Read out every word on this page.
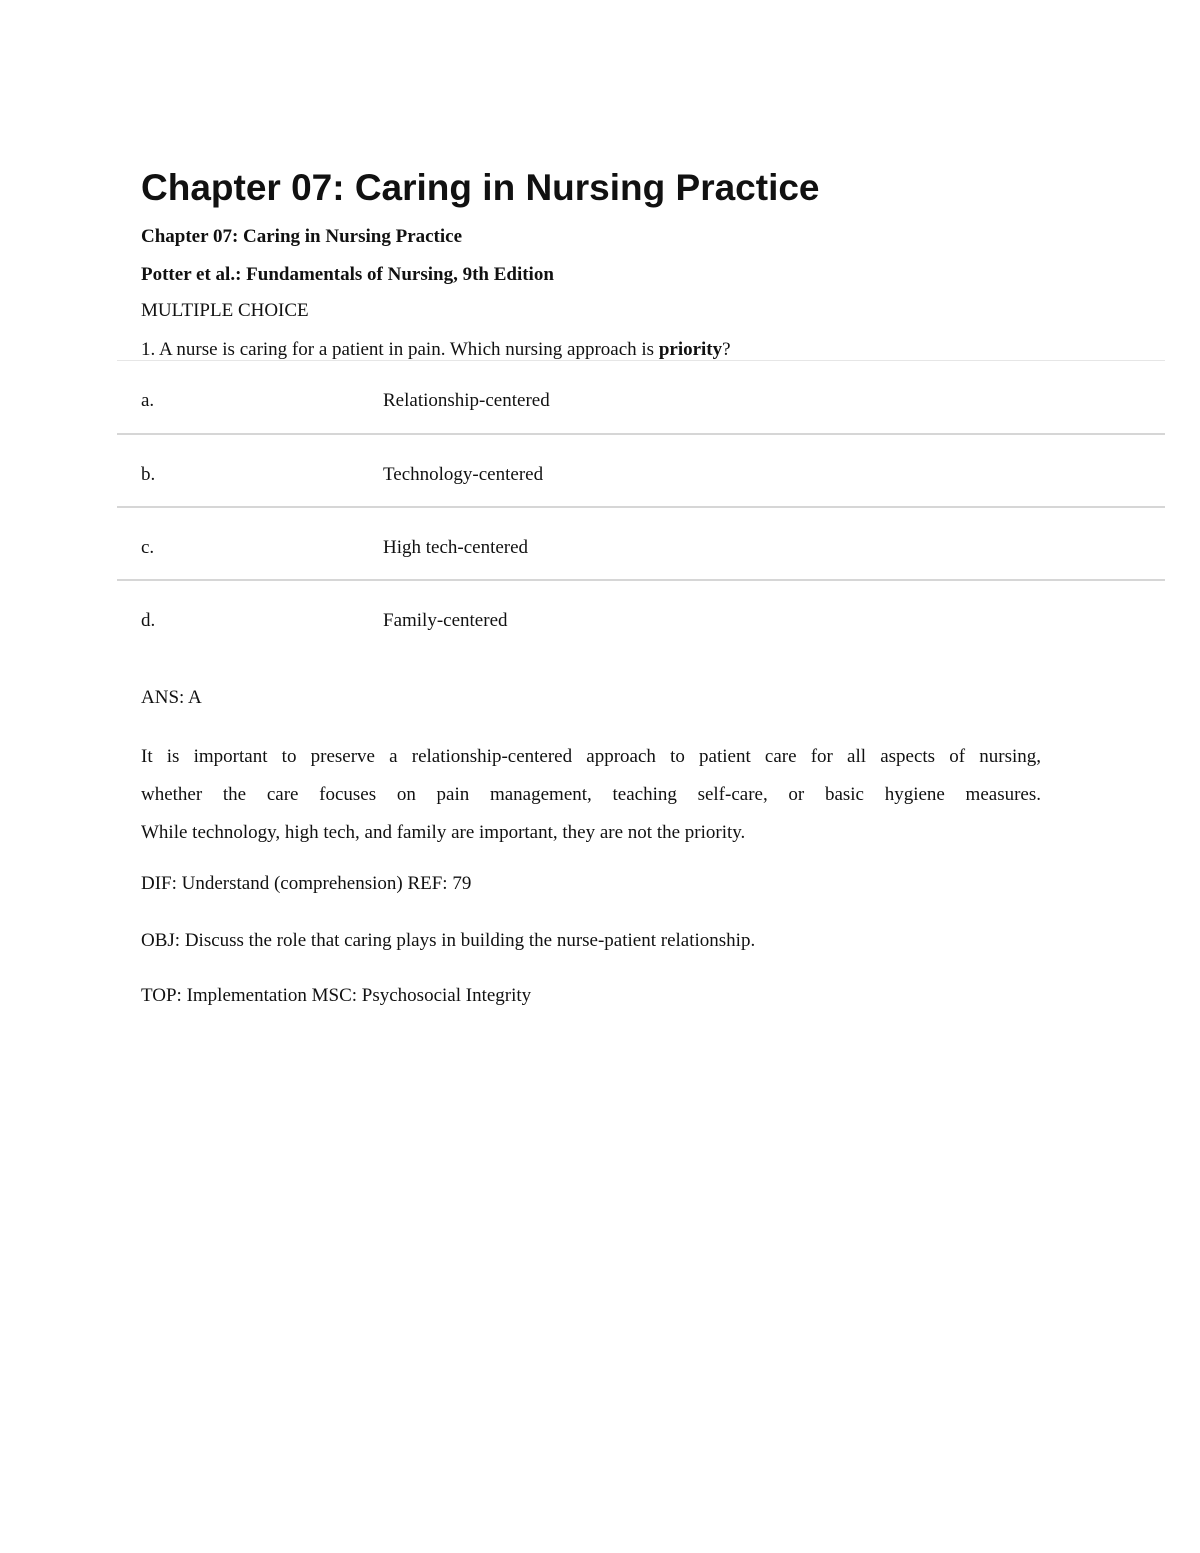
Chapter 07: Caring in Nursing Practice
Chapter 07: Caring in Nursing Practice
Potter et al.: Fundamentals of Nursing, 9th Edition
MULTIPLE CHOICE
1. A nurse is caring for a patient in pain. Which nursing approach is priority?
a.	Relationship-centered
b.	Technology-centered
c.	High tech-centered
d.	Family-centered
ANS: A
It is important to preserve a relationship-centered approach to patient care for all aspects of nursing,
whether the care focuses on pain management, teaching self-care, or basic hygiene measures.
While technology, high tech, and family are important, they are not the priority.
DIF: Understand (comprehension) REF: 79
OBJ: Discuss the role that caring plays in building the nurse-patient relationship.
TOP: Implementation MSC: Psychosocial Integrity
